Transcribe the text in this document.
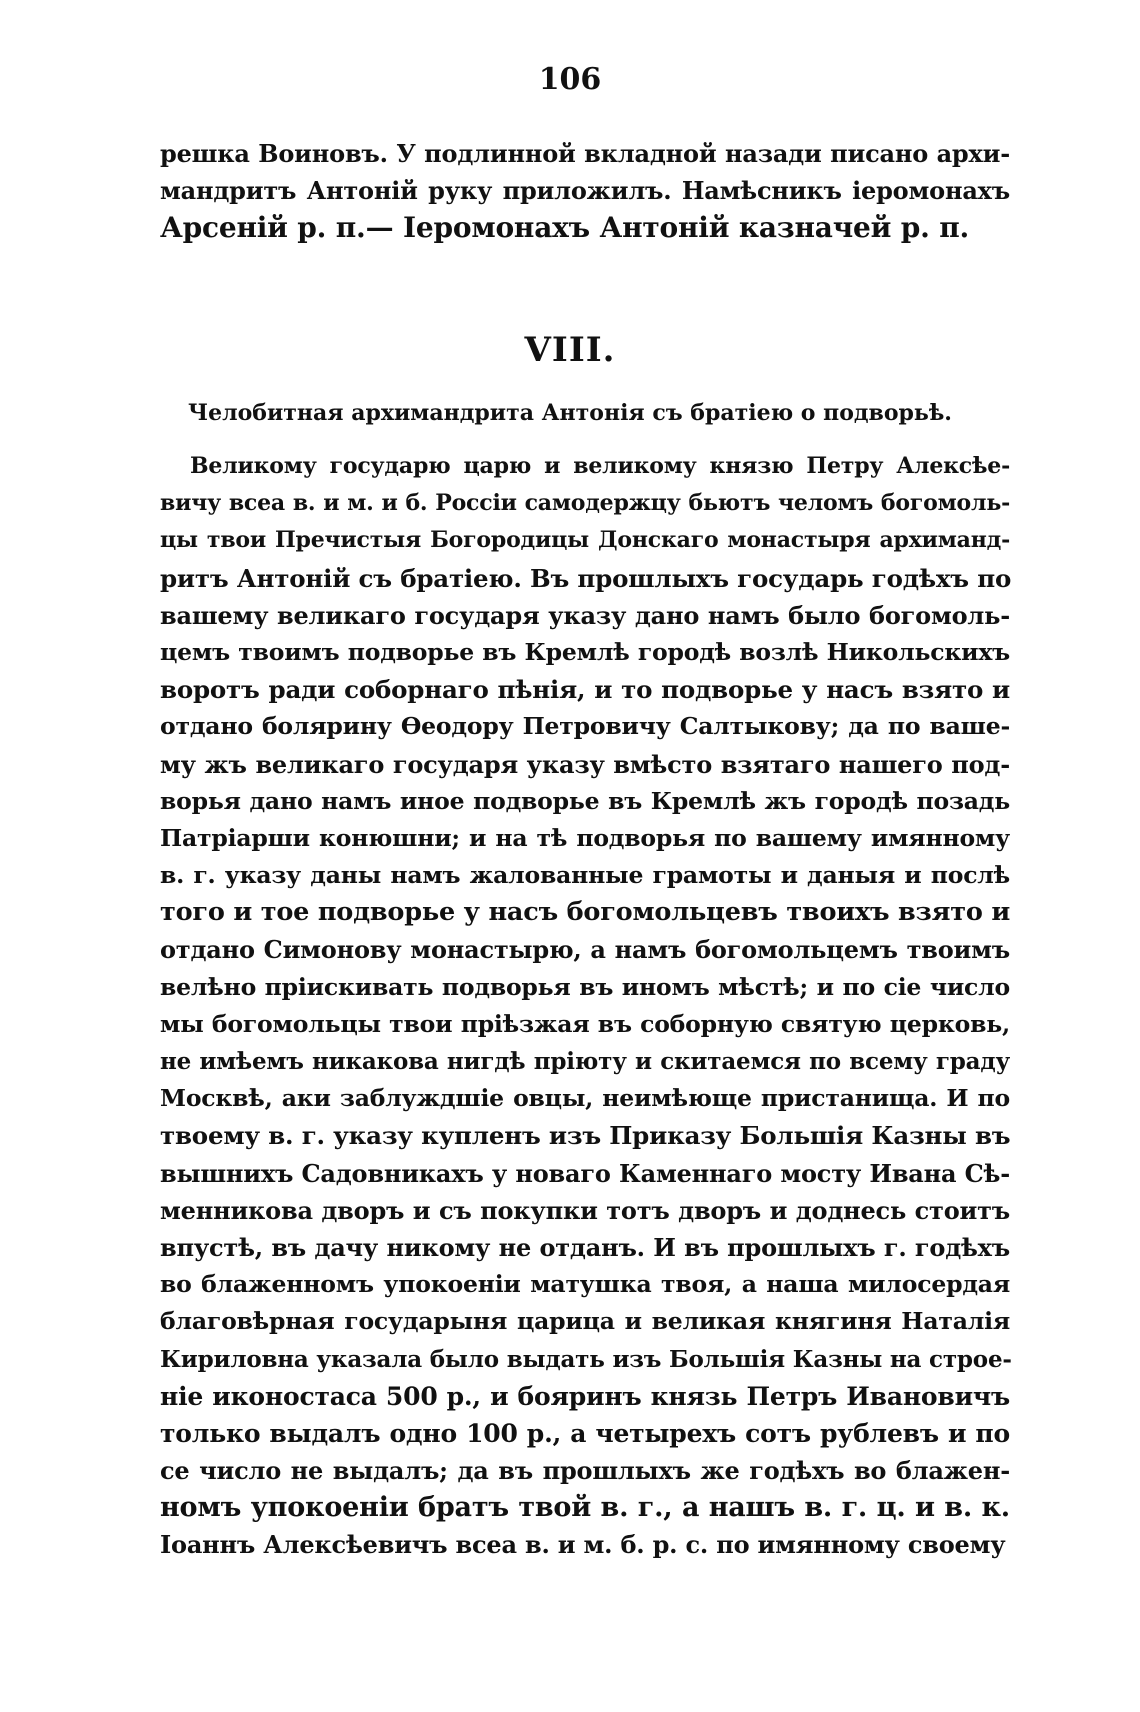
106
решка Воиновъ. У подлинной вкладной назади писано архи-
мандритъ Антоній руку приложилъ. Намѣсникъ іеромонахъ
Арсеній р. п.— Іеромонахъ Антоній казначей р. п.
VIII.
Челобитная архимандрита Антонія съ братіею о подворьѣ.
Великому государю царю и великому князю Петру Алексѣе-
вичу всеа в. и м. и б. Россіи самодержцу бьютъ челомъ богомоль-
цы твои Пречистыя Богородицы Донскаго монастыря архиманд-
ритъ Антоній съ братіею. Въ прошлыхъ государь годѣхъ по
вашему великаго государя указу дано намъ было богомоль-
цемъ твоимъ подворье въ Кремлѣ городѣ возлѣ Никольскихъ
воротъ ради соборнаго пѣнія, и то подворье у насъ взято и
отдано болярину Ѳеодору Петровичу Салтыкову; да по ваше-
му жъ великаго государя указу вмѣсто взятаго нашего под-
ворья дано намъ иное подворье въ Кремлѣ жъ городѣ позадь
Патріарши конюшни; и на тѣ подворья по вашему имянному
в. г. указу даны намъ жалованные грамоты и даныя и послѣ
того и тое подворье у насъ богомольцевъ твоихъ взято и
отдано Симонову монастырю, а намъ богомольцемъ твоимъ
велѣно пріискивать подворья въ иномъ мѣстѣ; и по сіе число
мы богомольцы твои пріѣзжая въ соборную святую церковь,
не имѣемъ никакова нигдѣ пріюту и скитаемся по всему граду
Москвѣ, аки заблуждшіе овцы, неимѣюще пристанища. И по
твоему в. г. указу купленъ изъ Приказу Большія Казны въ
вышнихъ Садовникахъ у новаго Каменнаго мосту Ивана Сѣ-
менникова дворъ и съ покупки тотъ дворъ и доднесь стоитъ
впустѣ, въ дачу никому не отданъ. И въ прошлыхъ г. годѣхъ
во блаженномъ упокоеніи матушка твоя, а наша милосердая
благовѣрная государыня царица и великая княгиня Наталія
Кириловна указала было выдать изъ Большія Казны на строе-
ніе иконостаса 500 р., и бояринъ князь Петръ Ивановичъ
только выдалъ одно 100 р., а четырехъ сотъ рублевъ и по
се число не выдалъ; да въ прошлыхъ же годѣхъ во блажен-
номъ упокоеніи братъ твой в. г., а нашъ в. г. ц. и в. к.
Іоаннъ Алексѣевичъ всеа в. и м. б. р. с. по имянному своему
